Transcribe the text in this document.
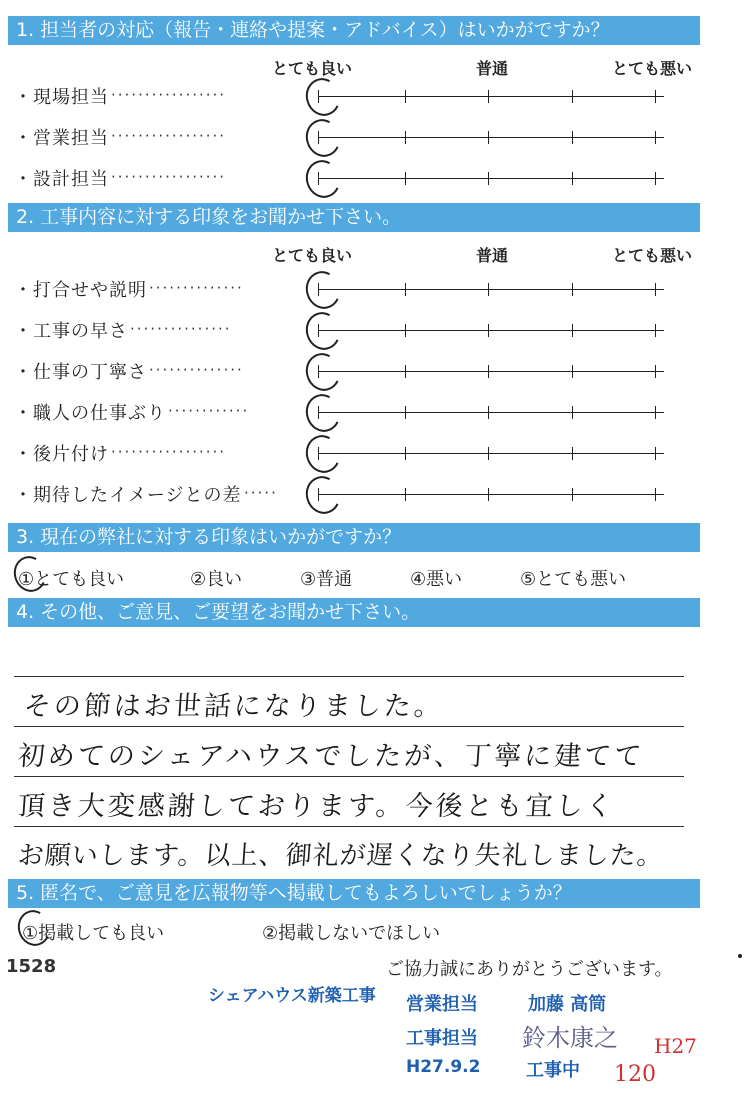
1. 担当者の対応（報告・連絡や提案・アドバイス）はいかがですか？
とても良い	普通	とても悪い
・現場担当 ·················
・営業担当 ·················
・設計担当 ·················
2. 工事内容に対する印象をお聞かせ下さい。
とても良い	普通	とても悪い
・打合せや説明 ··············
・工事の早さ ···············
・仕事の丁寧さ ··············
・職人の仕事ぶり ············
・後片付け ·················
・期待したイメージとの差 ·····
3. 現在の弊社に対する印象はいかがですか？
①とても良い	②良い	③普通	④悪い	⑤とても悪い
4. その他、ご意見、ご要望をお聞かせ下さい。
その節はお世話になりました。
初めてのシェアハウスでしたが、丁寧に建てて
頂き大変感謝しております。今後とも宜しく
お願いします。以上、御礼が遅くなり失礼しました。
5. 匿名で、ご意見を広報物等へ掲載してもよろしいでしょうか？
①掲載しても良い	②掲載しないでほしい
1528	ご協力誠にありがとうございます。
シェアハウス新築工事 営業担当	加藤 高筒
工事担当 鈴木康之
H27.9.2	工事中
H27
120
